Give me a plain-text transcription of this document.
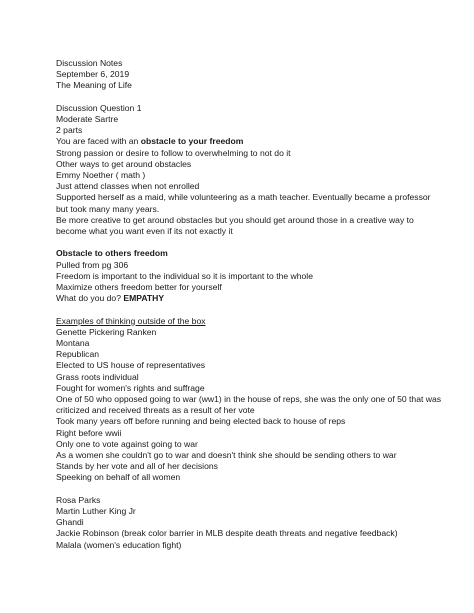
Discussion Notes
September 6, 2019
The Meaning of Life
Discussion Question 1
Moderate Sartre
2 parts
You are faced with an obstacle to your freedom
Strong passion or desire to follow to overwhelming to not do it
Other ways to get around obstacles
Emmy Noether ( math )
Just attend classes when not enrolled
Supported herself as a maid, while volunteering as a math teacher. Eventually became a professor but took many many years.
Be more creative to get around obstacles but you should get around those in a creative way to become what you want even if its not exactly it
Obstacle to others freedom
Pulled from pg 306
Freedom is important to the individual so it is important to the whole
Maximize others freedom better for yourself
What do you do? EMPATHY
Examples of thinking outside of the box
Genette Pickering Ranken
Montana
Republican
Elected to US house of representatives
Grass roots individual
Fought for women's rights and suffrage
One of 50 who opposed going to war (ww1) in the house of reps, she was the only one of 50 that was criticized and received threats as a result of her vote
Took many years off before running and being elected back to house of reps
Right before wwii
Only one to vote against going to war
As a women she couldn't go to war and doesn't think she should be sending others to war
Stands by her vote and all of her decisions
Speeking on behalf of all women
Rosa Parks
Martin Luther King Jr
Ghandi
Jackie Robinson (break color barrier in MLB despite death threats and negative feedback)
Malala (women's education fight)
